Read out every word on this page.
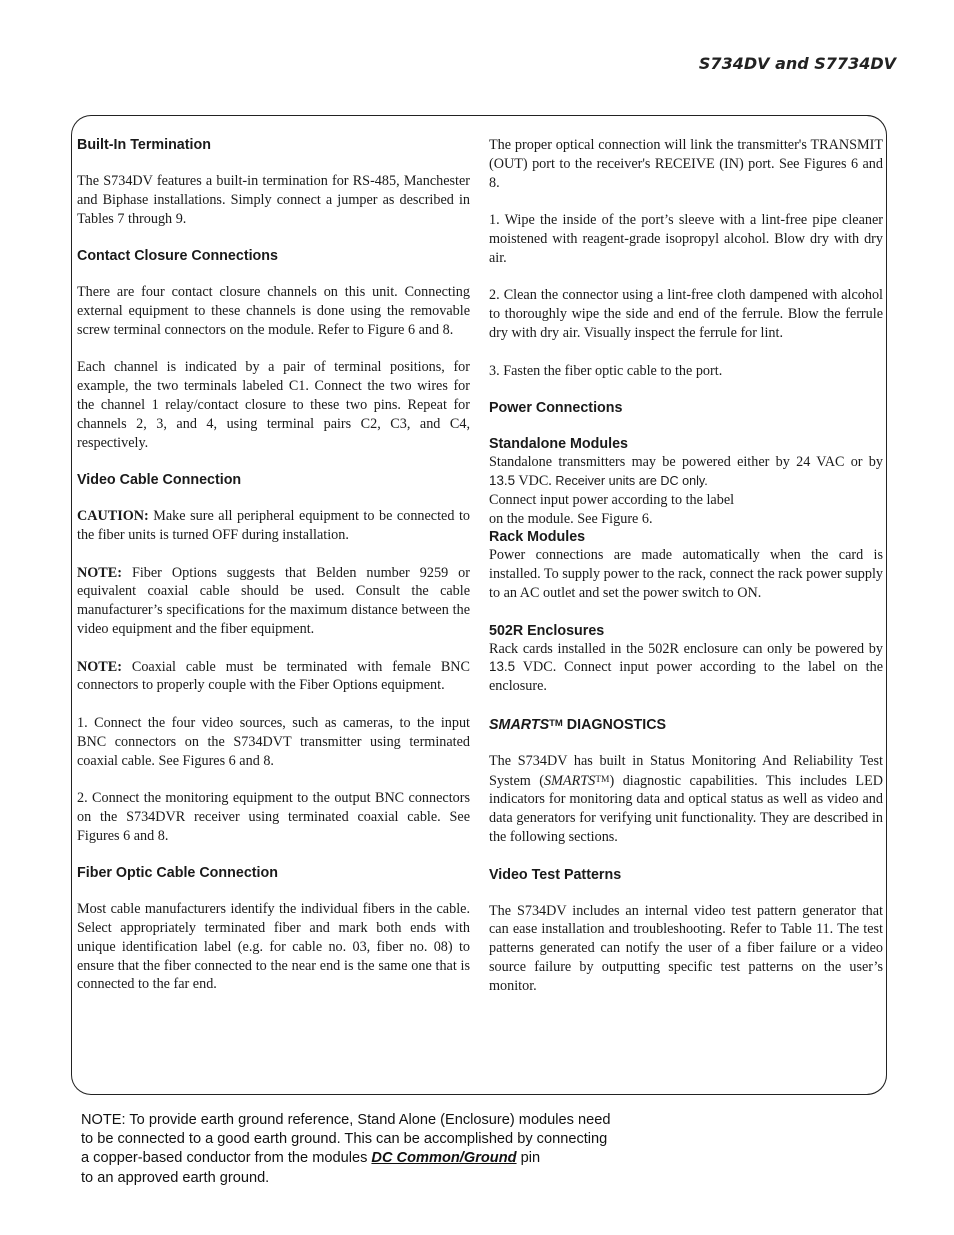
S734DV and S7734DV
Built-In Termination

The S734DV features a built-in termination for RS-485, Manchester and Biphase installations. Simply connect a jumper as described in Tables 7 through 9.

Contact Closure Connections

There are four contact closure channels on this unit. Connecting external equipment to these channels is done using the removable screw terminal connectors on the module. Refer to Figure 6 and 8.

Each channel is indicated by a pair of terminal positions, for example, the two terminals labeled C1. Connect the two wires for the channel 1 relay/contact closure to these two pins. Repeat for channels 2, 3, and 4, using terminal pairs C2, C3, and C4, respectively.

Video Cable Connection

CAUTION: Make sure all peripheral equipment to be connected to the fiber units is turned OFF during installation.

NOTE: Fiber Options suggests that Belden number 9259 or equivalent coaxial cable should be used. Consult the cable manufacturer’s specifications for the maximum distance between the video equipment and the fiber equipment.

NOTE: Coaxial cable must be terminated with female BNC connectors to properly couple with the Fiber Options equipment.

1. Connect the four video sources, such as cameras, to the input BNC connectors on the S734DVT transmitter using terminated coaxial cable. See Figures 6 and 8.

2. Connect the monitoring equipment to the output BNC connectors on the S734DVR receiver using terminated coaxial cable. See Figures 6 and 8.

Fiber Optic Cable Connection

Most cable manufacturers identify the individual fibers in the cable. Select appropriately terminated fiber and mark both ends with unique identification label (e.g. for cable no. 03, fiber no. 08) to ensure that the fiber connected to the near end is the same one that is connected to the far end.

The proper optical connection will link the transmitter's TRANSMIT (OUT) port to the receiver's RECEIVE (IN) port. See Figures 6 and 8.

1. Wipe the inside of the port’s sleeve with a lint-free pipe cleaner moistened with reagent-grade isopropyl alcohol. Blow dry with dry air.

2. Clean the connector using a lint-free cloth dampened with alcohol to thoroughly wipe the side and end of the ferrule. Blow the ferrule dry with dry air. Visually inspect the ferrule for lint.

3. Fasten the fiber optic cable to the port.

Power Connections
Standalone Modules

Standalone transmitters may be powered either by 24 VAC or by 13.5 VDC. Receiver units are DC only.

Connect input power according to the label
on the module. See Figure 6.

Rack Modules

Power connections are made automatically when the card is installed. To supply power to the rack, connect the rack power supply to an AC outlet and set the power switch to ON.

502R Enclosures

Rack cards installed in the 502R enclosure can only be powered by 13.5 VDC. Connect input power according to the label on the enclosure.

SMARTS™ DIAGNOSTICS

The S734DV has built in Status Monitoring And Reliability Test System (SMARTS™) diagnostic capabilities. This includes LED indicators for monitoring data and optical status as well as video and data generators for verifying unit functionality. They are described in the following sections.

Video Test Patterns

The S734DV includes an internal video test pattern generator that can ease installation and troubleshooting. Refer to Table 11. The test patterns generated can notify the user of a fiber failure or a video source failure by outputting specific test patterns on the user’s monitor.

NOTE: To provide earth ground reference, Stand Alone (Enclosure) modules need
to be connected to a good earth ground. This can be accomplished by connecting
a copper-based conductor from the modules DC Common/Ground pin
to an approved earth ground.
